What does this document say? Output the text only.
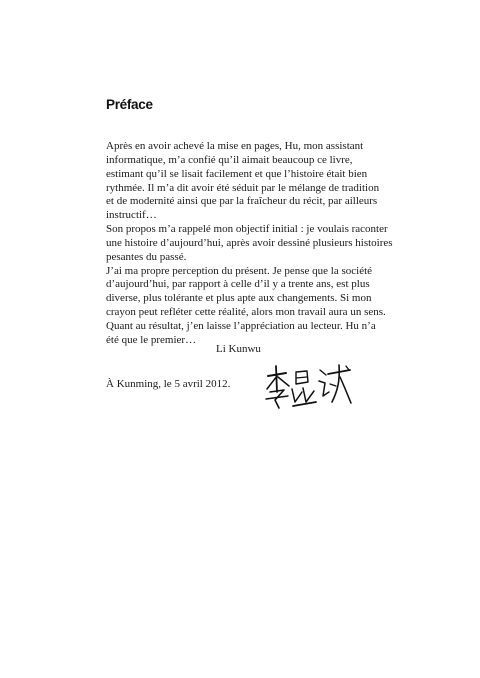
Préface
Après en avoir achevé la mise en pages, Hu, mon assistant
informatique, m’a confié qu’il aimait beaucoup ce livre,
estimant qu’il se lisait facilement et que l’histoire était bien
rythmée. Il m’a dit avoir été séduit par le mélange de tradition
et de modernité ainsi que par la fraîcheur du récit, par ailleurs
instructif…
Son propos m’a rappelé mon objectif initial : je voulais raconter
une histoire d’aujourd’hui, après avoir dessiné plusieurs histoires
pesantes du passé.
J’ai ma propre perception du présent. Je pense que la société
d’aujourd’hui, par rapport à celle d’il y a trente ans, est plus
diverse, plus tolérante et plus apte aux changements. Si mon
crayon peut refléter cette réalité, alors mon travail aura un sens.
Quant au résultat, j’en laisse l’appréciation au lecteur. Hu n’a
été que le premier…
Li Kunwu
À Kunming, le 5 avril 2012.
